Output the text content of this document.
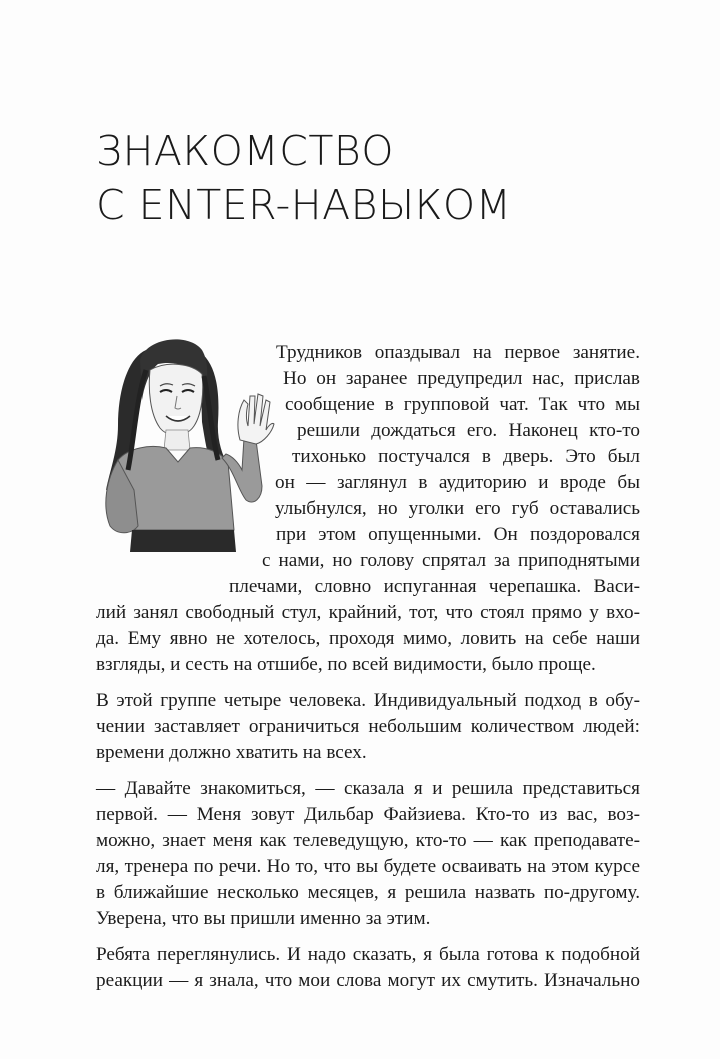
ЗНАКОМСТВО
С ENTER-НАВЫКОМ
Трудников опаздывал на первое занятие.
Но он заранее предупредил нас, прислав
сообщение в групповой чат. Так что мы
решили дождаться его. Наконец кто-то
тихонько постучался в дверь. Это был
он — заглянул в аудиторию и вроде бы
улыбнулся, но уголки его губ оставались
при этом опущенными. Он поздоровался
с нами, но голову спрятал за приподнятыми
плечами, словно испуганная черепашка. Васи-
лий занял свободный стул, крайний, тот, что стоял прямо у вхо-
да. Ему явно не хотелось, проходя мимо, ловить на себе наши
взгляды, и сесть на отшибе, по всей видимости, было проще.
В этой группе четыре человека. Индивидуальный подход в обу-
чении заставляет ограничиться небольшим количеством людей:
времени должно хватить на всех.
— Давайте знакомиться, — сказала я и решила представиться
первой. — Меня зовут Дильбар Файзиева. Кто-то из вас, воз-
можно, знает меня как телеведущую, кто-то — как преподавате-
ля, тренера по речи. Но то, что вы будете осваивать на этом курсе
в ближайшие несколько месяцев, я решила назвать по-другому.
Уверена, что вы пришли именно за этим.
Ребята переглянулись. И надо сказать, я была готова к подобной
реакции — я знала, что мои слова могут их смутить. Изначально
